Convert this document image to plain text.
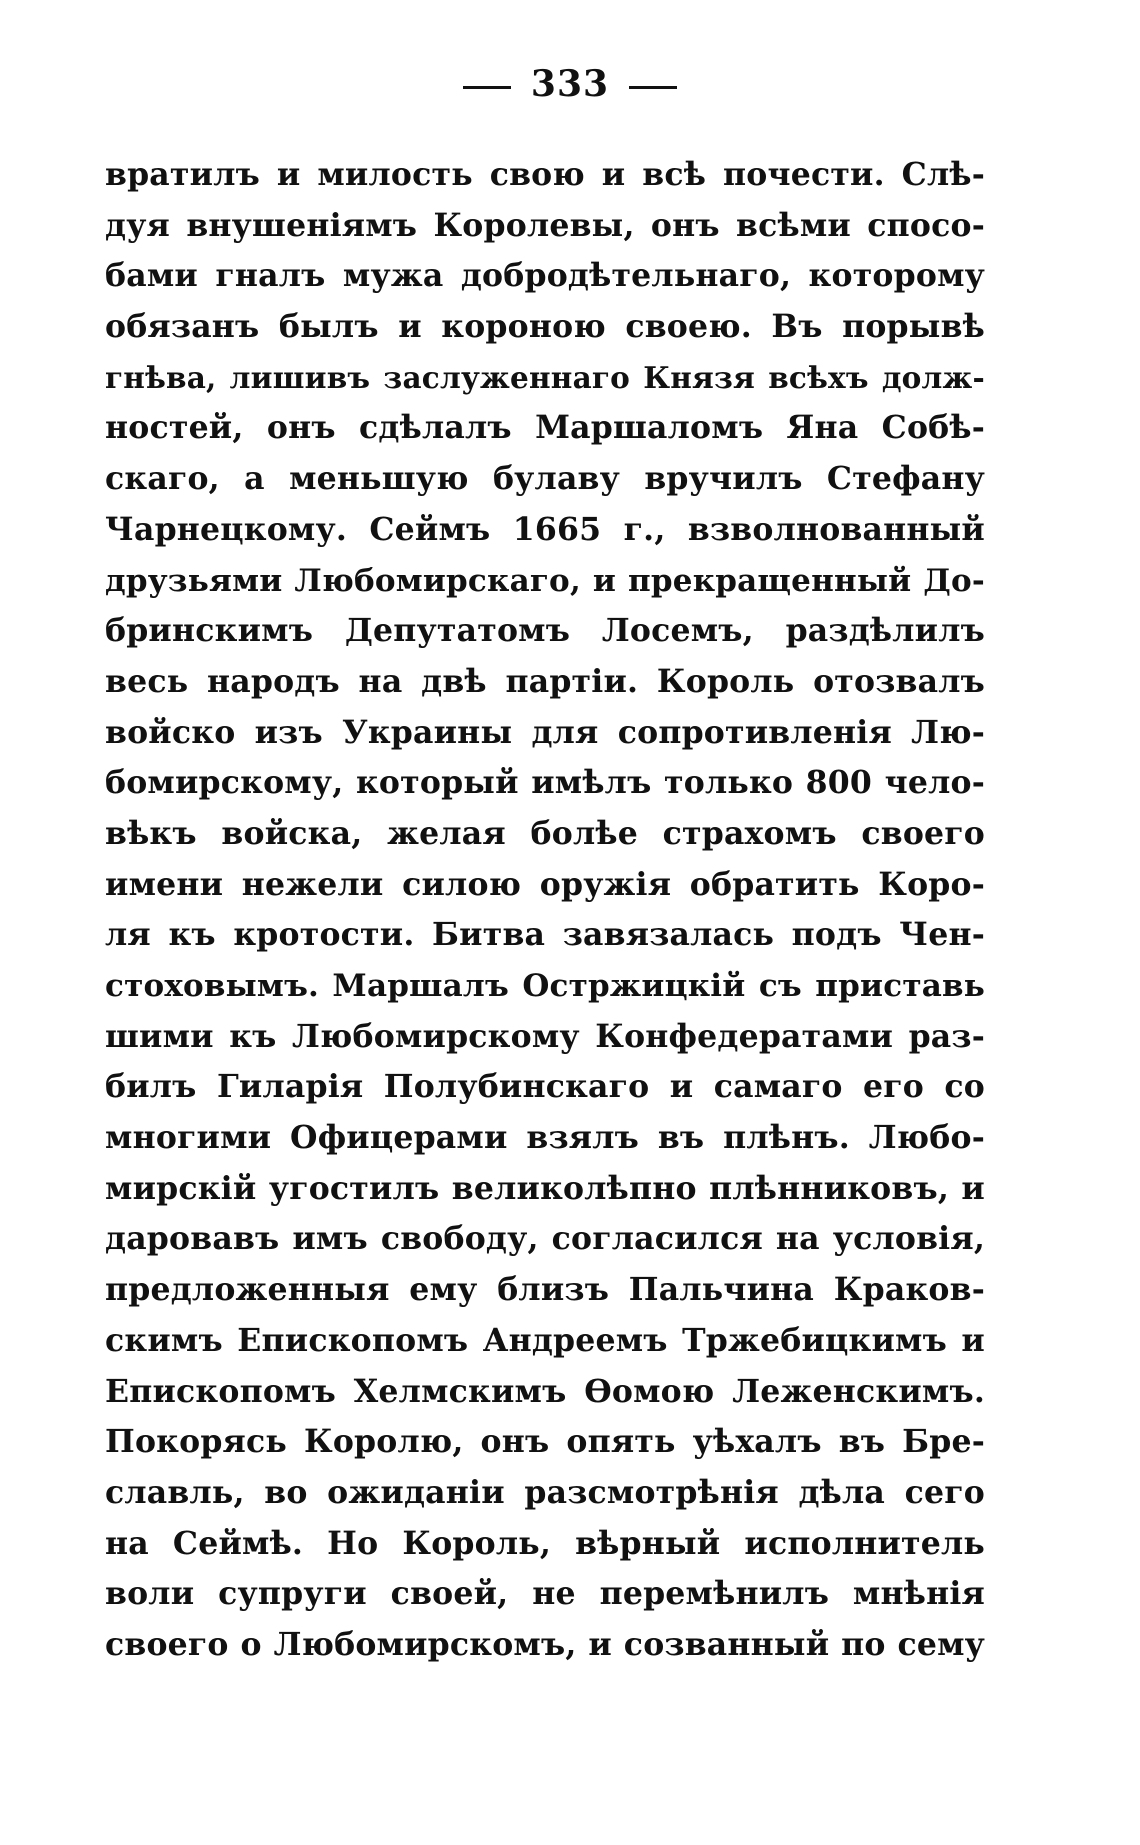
333
вратилъ и милость свою и всѣ почести. Слѣ-
дуя внушеніямъ Королевы, онъ всѣми спосо-
бами гналъ мужа добродѣтельнаго, которому
обязанъ былъ и короною своею. Въ порывѣ
гнѣва, лишивъ заслуженнаго Князя всѣхъ долж-
ностей, онъ сдѣлалъ Маршаломъ Яна Собѣ-
скаго, а меньшую булаву вручилъ Стефану
Чарнецкому. Сеймъ 1665 г., взволнованный
друзьями Любомирскаго, и прекращенный До-
бринскимъ Депутатомъ Лосемъ, раздѣлилъ
весь народъ на двѣ партіи. Король отозвалъ
войско изъ Украины для сопротивленія Лю-
бомирскому, который имѣлъ только 800 чело-
вѣкъ войска, желая болѣе страхомъ своего
имени нежели силою оружія обратить Коро-
ля къ кротости. Битва завязалась подъ Чен-
стоховымъ. Маршалъ Остржицкій съ приставь
шими къ Любомирскому Конфедератами раз-
билъ Гиларія Полубинскаго и самаго его со
многими Офицерами взялъ въ плѣнъ. Любо-
мирскій угостилъ великолѣпно плѣнниковъ, и
даровавъ имъ свободу, согласился на условія,
предложенныя ему близъ Пальчина Краков-
скимъ Епископомъ Андреемъ Тржебицкимъ и
Епископомъ Хелмскимъ Ѳомою Леженскимъ.
Покорясь Королю, онъ опять уѣхалъ въ Бре-
славль, во ожиданіи разсмотрѣнія дѣла сего
на Сеймѣ. Но Король, вѣрный исполнитель
воли супруги своей, не перемѣнилъ мнѣнія
своего о Любомирскомъ, и созванный по сему
